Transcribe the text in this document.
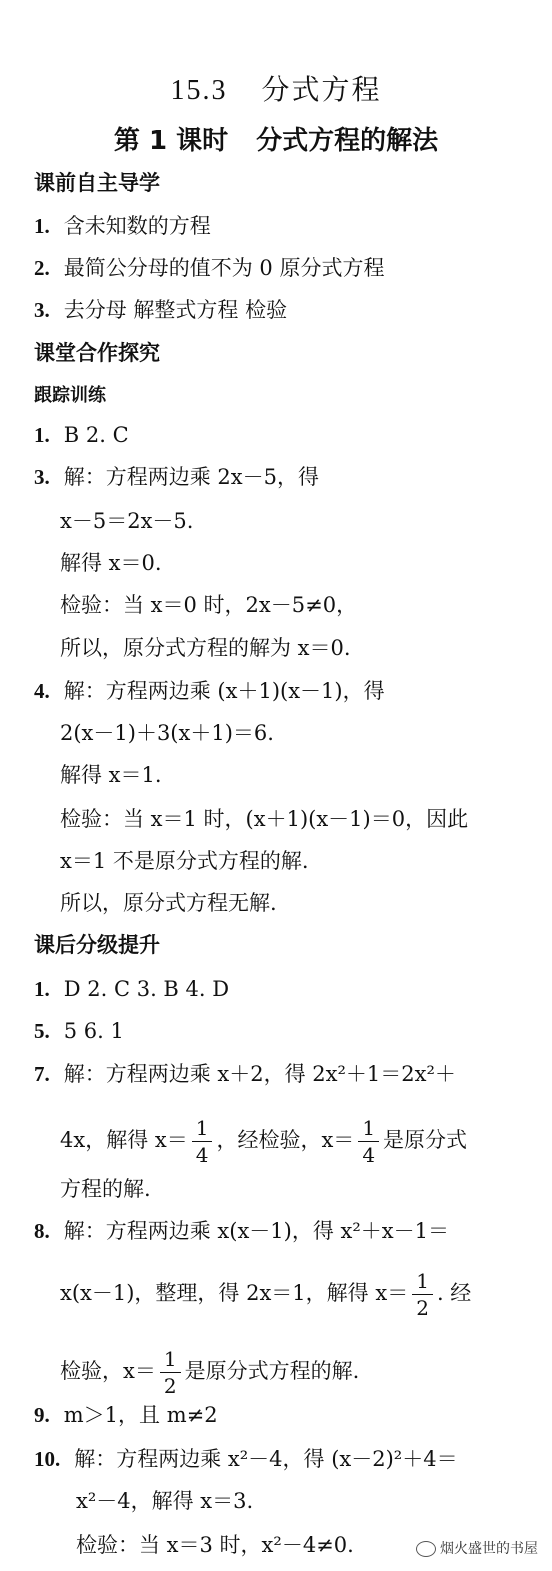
15.3 分式方程
第 1 课时 分式方程的解法
课前自主导学
1. 含未知数的方程
2. 最简公分母的值不为 0 原分式方程
3. 去分母 解整式方程 检验
课堂合作探究
跟踪训练
1. B 2. C
3. 解：方程两边乘 2x－5，得
x－5＝2x－5.
解得 x＝0.
检验：当 x＝0 时，2x－5≠0，
所以，原分式方程的解为 x＝0.
4. 解：方程两边乘 (x＋1)(x－1)，得
2(x－1)＋3(x＋1)＝6.
解得 x＝1.
检验：当 x＝1 时，(x＋1)(x－1)＝0，因此
x＝1 不是原分式方程的解.
所以，原分式方程无解.
课后分级提升
1. D 2. C 3. B 4. D
5. 5 6. 1
7. 解：方程两边乘 x＋2，得 2x²＋1＝2x²＋
4x，解得 $x= \frac{1}{4}$ ，经检验，$x= \frac{1}{4}$ 是原分式
方程的解.
8. 解：方程两边乘 x(x－1)，得 x²＋x－1＝
x(x－1)，整理，得 2x＝1，解得 $x= \frac{1}{2}$ . 经
检验，$x= \frac{1}{2}$ 是原分式方程的解.
9. m＞1，且 m≠2
10. 解：方程两边乘 x²－4，得 (x－2)²＋4＝
x²－4，解得 x＝3.
检验：当 x＝3 时，x²－4≠0.	烟火盛世的书屋
